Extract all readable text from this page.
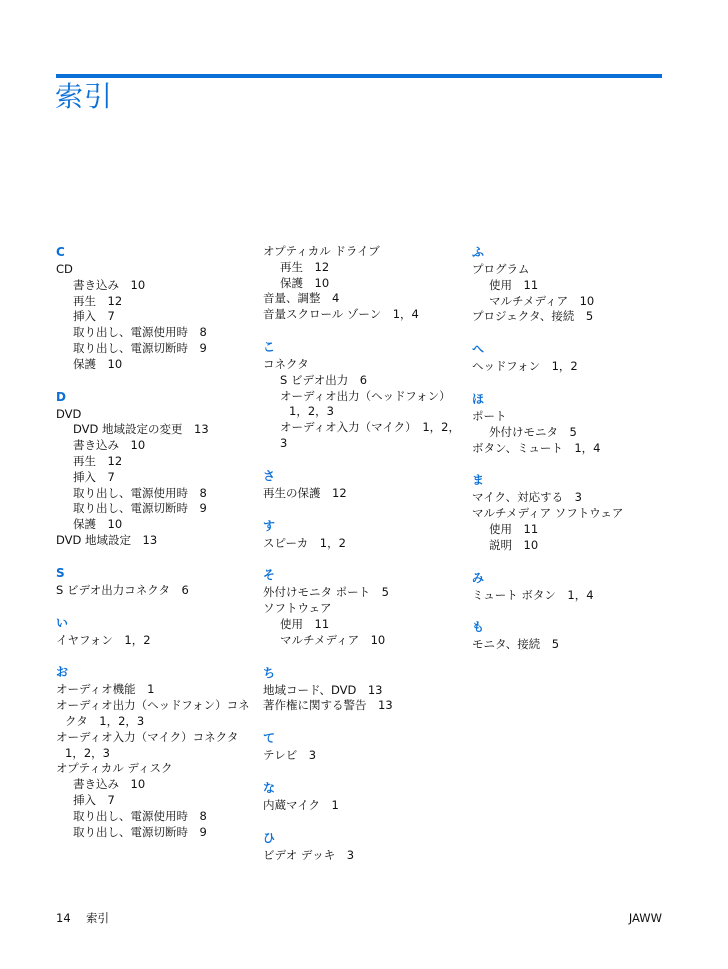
索引
C
CD
書き込み　10
再生　12
挿入　7
取り出し、電源使用時　8
取り出し、電源切断時　9
保護　10
D
DVD
DVD 地域設定の変更　13
書き込み　10
再生　12
挿入　7
取り出し、電源使用時　8
取り出し、電源切断時　9
保護　10
DVD 地域設定　13
S
S ビデオ出力コネクタ　6
い
イヤフォン　1，2
お
オーディオ機能　1
オーディオ出力（ヘッドフォン）コネクタ　1，2，3
オーディオ入力（マイク）コネクタ　1，2，3
オプティカル ディスク
書き込み　10
挿入　7
取り出し、電源使用時　8
取り出し、電源切断時　9
オプティカル ドライブ
再生　12
保護　10
音量、調整　4
音量スクロール ゾーン　1，4
こ
コネクタ
S ビデオ出力　6
オーディオ出力（ヘッドフォン）1，2，3
オーディオ入力（マイク）　1，2，3
さ
再生の保護　12
す
スピーカ　1，2
そ
外付けモニタ ポート　5
ソフトウェア
使用　11
マルチメディア　10
ち
地域コード、DVD　13
著作権に関する警告　13
て
テレビ　3
な
内蔵マイク　1
ひ
ビデオ デッキ　3
ふ
プログラム
使用　11
マルチメディア　10
プロジェクタ、接続　5
へ
ヘッドフォン　1，2
ほ
ポート
外付けモニタ　5
ボタン、ミュート　1，4
ま
マイク、対応する　3
マルチメディア ソフトウェア
使用　11
説明　10
み
ミュート ボタン　1，4
も
モニタ、接続　5
14 索引	JAWW
